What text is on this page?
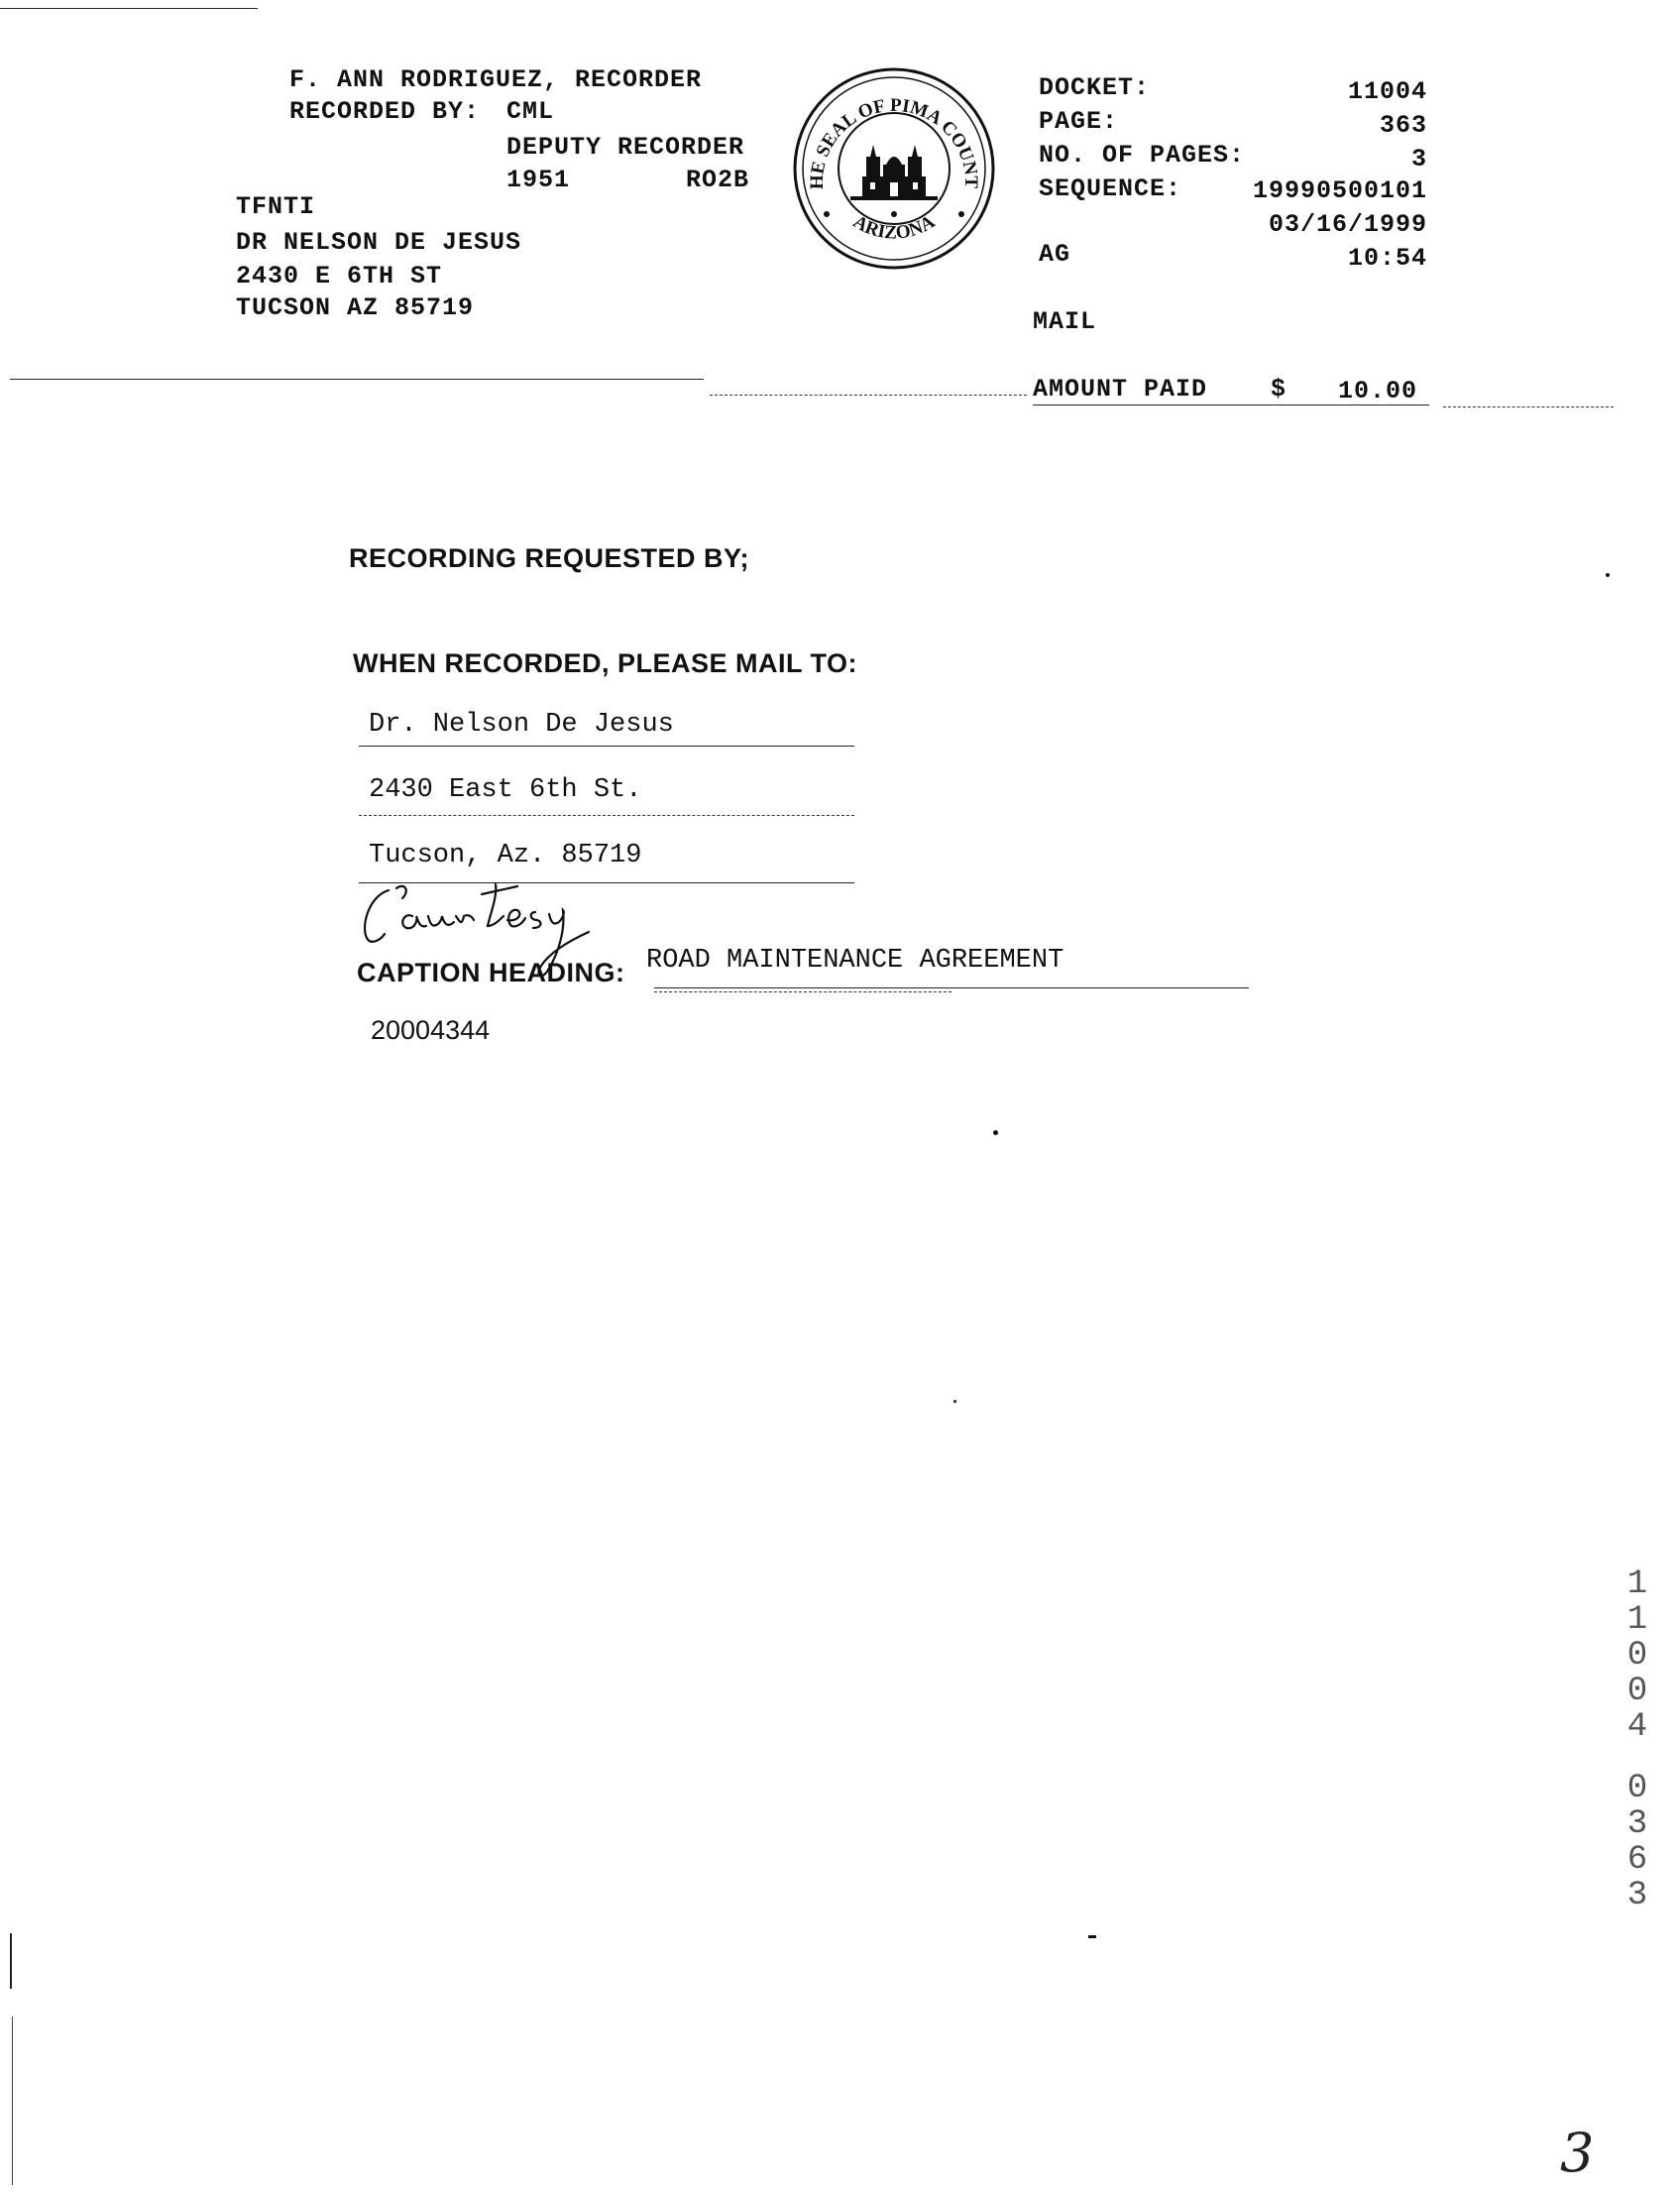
F. ANN RODRIGUEZ, RECORDER
RECORDED BY: CML
DEPUTY RECORDER
1951	RO2B
TFNTI
DR NELSON DE JESUS
2430 E 6TH ST
TUCSON AZ 85719
HE SEAL OF PIMA COUNT
ARIZONA
DOCKET:	11004
PAGE:	363
NO. OF PAGES:	3
SEQUENCE:	19990500101
03/16/1999
AG	10:54
MAIL
AMOUNT PAID	$ 10.00
RECORDING REQUESTED BY;
WHEN RECORDED, PLEASE MAIL TO:
Dr. Nelson De Jesus
2430 East 6th St.
Tucson, Az. 85719
CAPTION HEADING: ROAD MAINTENANCE AGREEMENT
20004344
1
1
0
0
4
0
3
6
3
3
